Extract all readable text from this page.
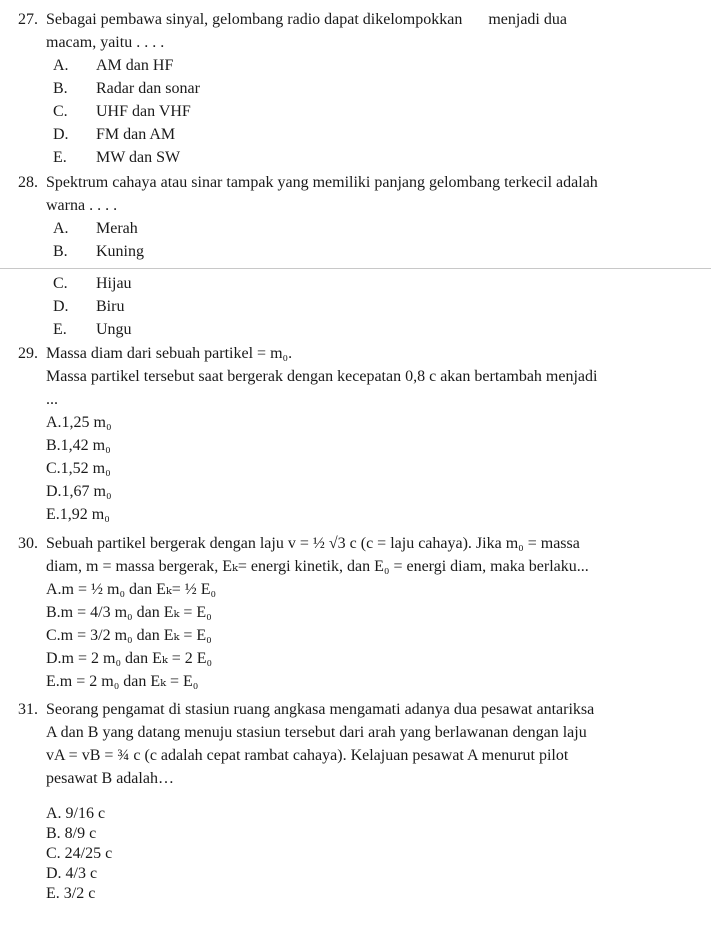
27. Sebagai pembawa sinyal, gelombang radio dapat dikelompokkan menjadi dua
macam, yaitu . . . .
A. AM dan HF
B. Radar dan sonar
C. UHF dan VHF
D. FM dan AM
E. MW dan SW
28. Spektrum cahaya atau sinar tampak yang memiliki panjang gelombang terkecil adalah
warna . . . .
A. Merah
B. Kuning
C. Hijau
D. Biru
E. Ungu
29. Massa diam dari sebuah partikel = m₀.
Massa partikel tersebut saat bergerak dengan kecepatan 0,8 c akan bertambah menjadi
...
A.1,25 m₀
B.1,42 m₀
C.1,52 m₀
D.1,67 m₀
E.1,92 m₀
30. Sebuah partikel bergerak dengan laju v = ½ √3 c (c = laju cahaya). Jika m₀ = massa
diam, m = massa bergerak, Eₖ= energi kinetik, dan E₀ = energi diam, maka berlaku...
A.m = ½ m₀ dan Eₖ= ½ E₀
B.m = 4/3 m₀ dan Eₖ = E₀
C.m = 3/2 m₀ dan Eₖ = E₀
D.m = 2 m₀ dan Eₖ = 2 E₀
E.m = 2 m₀ dan Eₖ = E₀
31. Seorang pengamat di stasiun ruang angkasa mengamati adanya dua pesawat antariksa
A dan B yang datang menuju stasiun tersebut dari arah yang berlawanan dengan laju
vA = vB = ¾ c (c adalah cepat rambat cahaya). Kelajuan pesawat A menurut pilot
pesawat B adalah…
A. 9/16 c
B. 8/9 c
C. 24/25 c
D. 4/3 c
E. 3/2 c
